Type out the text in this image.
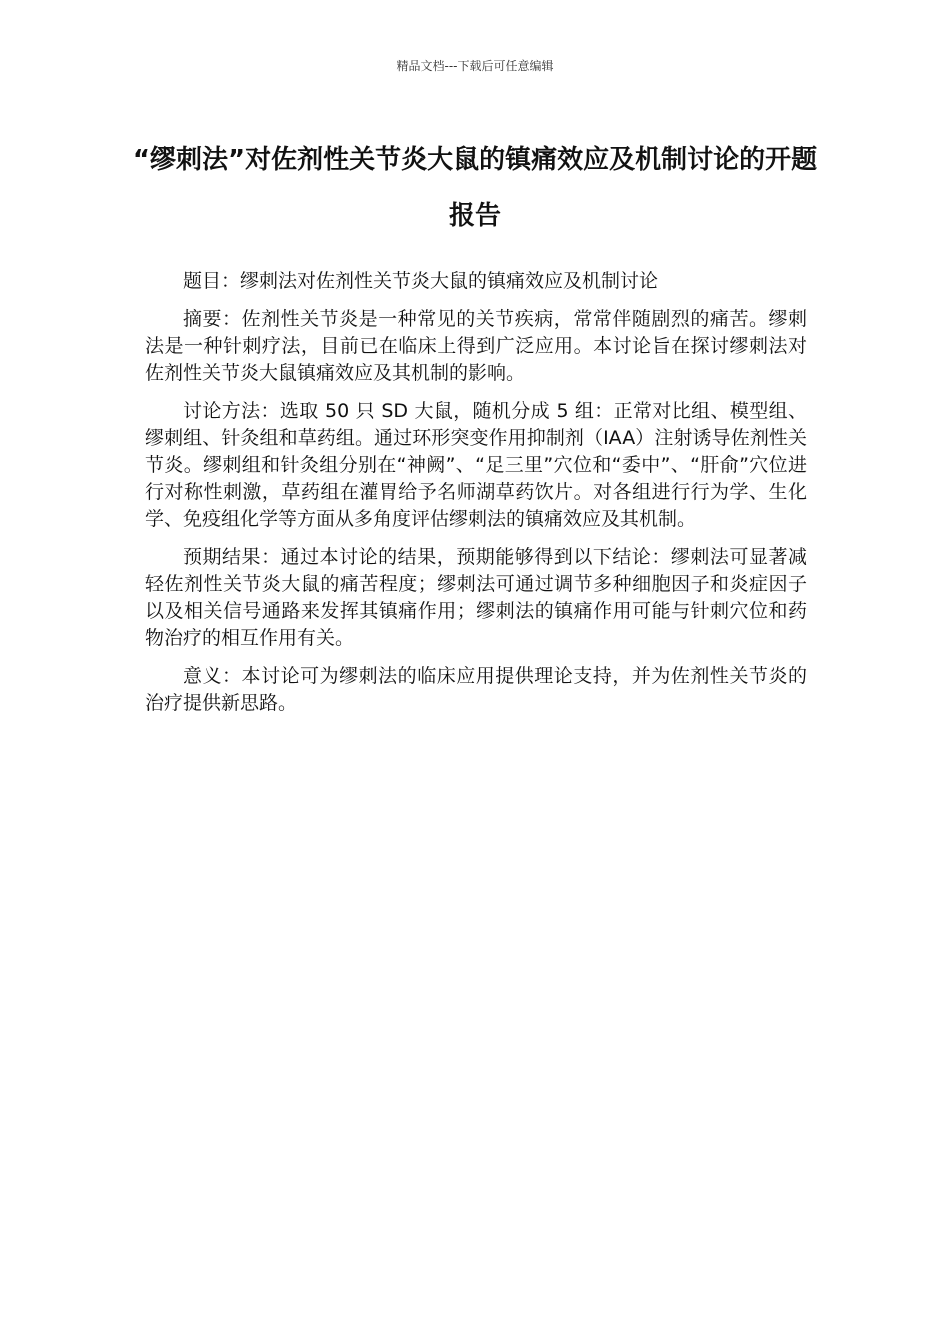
精品文档---下载后可任意编辑
“缪刺法”对佐剂性关节炎大鼠的镇痛效应及机制讨论的开题报告

题目：缪刺法对佐剂性关节炎大鼠的镇痛效应及机制讨论

摘要：佐剂性关节炎是一种常见的关节疾病，常常伴随剧烈的痛苦。缪刺法是一种针刺疗法，目前已在临床上得到广泛应用。本讨论旨在探讨缪刺法对佐剂性关节炎大鼠镇痛效应及其机制的影响。

讨论方法：选取 50 只 SD 大鼠，随机分成 5 组：正常对比组、模型组、缪刺组、针灸组和草药组。通过环形突变作用抑制剂（IAA）注射诱导佐剂性关节炎。缪刺组和针灸组分别在“神阙”、“足三里”穴位和“委中”、“肝俞”穴位进行对称性刺激，草药组在灌胃给予名师湖草药饮片。对各组进行行为学、生化学、免疫组化学等方面从多角度评估缪刺法的镇痛效应及其机制。

预期结果：通过本讨论的结果，预期能够得到以下结论：缪刺法可显著减轻佐剂性关节炎大鼠的痛苦程度；缪刺法可通过调节多种细胞因子和炎症因子以及相关信号通路来发挥其镇痛作用；缪刺法的镇痛作用可能与针刺穴位和药物治疗的相互作用有关。

意义：本讨论可为缪刺法的临床应用提供理论支持，并为佐剂性关节炎的治疗提供新思路。
